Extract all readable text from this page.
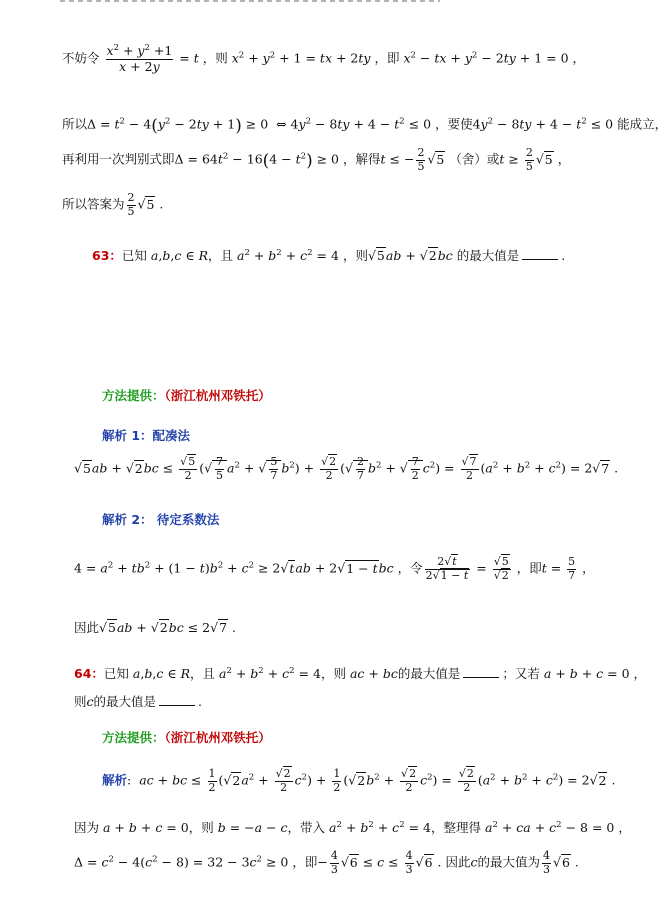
不妨令 $\frac{x^2 + y^2 +1}{x + 2y} = t$ ，则 $x^2 + y^2 + 1$ = tx + 2ty ，即 $x^2$ − tx + $y^2 - 2ty + 1 = 0$ ，
所以$\Delta = t^2 - 4(y^2 - 2ty + 1) \ge 0$  ⇔ $4y^2 - 8ty + 4 - t^2 \le 0$ ，要使$4y^2 - 8ty + 4 - t^2 \le 0$ 能成立，
再利用一次判别式即$\Delta = 64t^2 - 16(4 - t^2) \ge 0$ ，解得t ≤ − $\frac{2}{5} √5$ （舍）或$t \ge \frac{2}{5} √5$ ，
所以答案为 $\frac{2}{5} √5$ .
63：已知 a,b,c ∈ R，且 $a^2 + b^2 + c^2 = 4$ ，则√5ab + √2bc 的最大值是	.
方法提供：（浙江杭州邓铁托）
解析 1：配凑法
$√5ab + √2bc \le \frac{√5}{2}$ (√ $\frac{7}{5} a^2$ + √ $\frac{5}{7} b^2) + \frac{√2}{2}$ (√ $\frac{2}{7} b^2$ + √ $\frac{7}{2} c^2) = \frac{√7}{2} (a^2 + b^2 + c^2) = 2√7$ .
解析 2： 待定系数法
$4 = a^2 + tb^2 + (1 - t)b^2 + c^2 \ge 2√tab + 2√1$ − tbc ，令 $\frac{2√t}{2√1 - t} = \frac{√5}{√2}$ ，即$t = \frac{5}{7}$ ，
因此√5ab + √2bc ≤ 2√7 .
64：已知 a,b,c ∈ R，且 $a^2 + b^2 + c^2 = 4$，则 ac + bc的最大值是	；又若 a + b + c = 0 ，
则c的最大值是	.
方法提供：（浙江杭州邓铁托）
解析:  ac + bc ≤ $\frac{1}{2} (√2a^2 + \frac{√2}{2} c^2) + \frac{1}{2} (√2b^2 + \frac{√2}{2} c^2) = \frac{√2}{2} (a^2 + b^2 + c^2) = 2√2$ .
因为 a + b + c = 0，则 b = −a − c，带入 $a^2 + b^2 + c^2 = 4$，整理得 $a^2$ + ca + $c^2 - 8 = 0$ ，
$\Delta = c^2 - 4(c^2 - 8) = 32 - 3c^2 \ge 0$ ，即− $\frac{4}{3} √6 \le c \le \frac{4}{3} √6$ . 因此c的最大值为 $\frac{4}{3} √6$ .
